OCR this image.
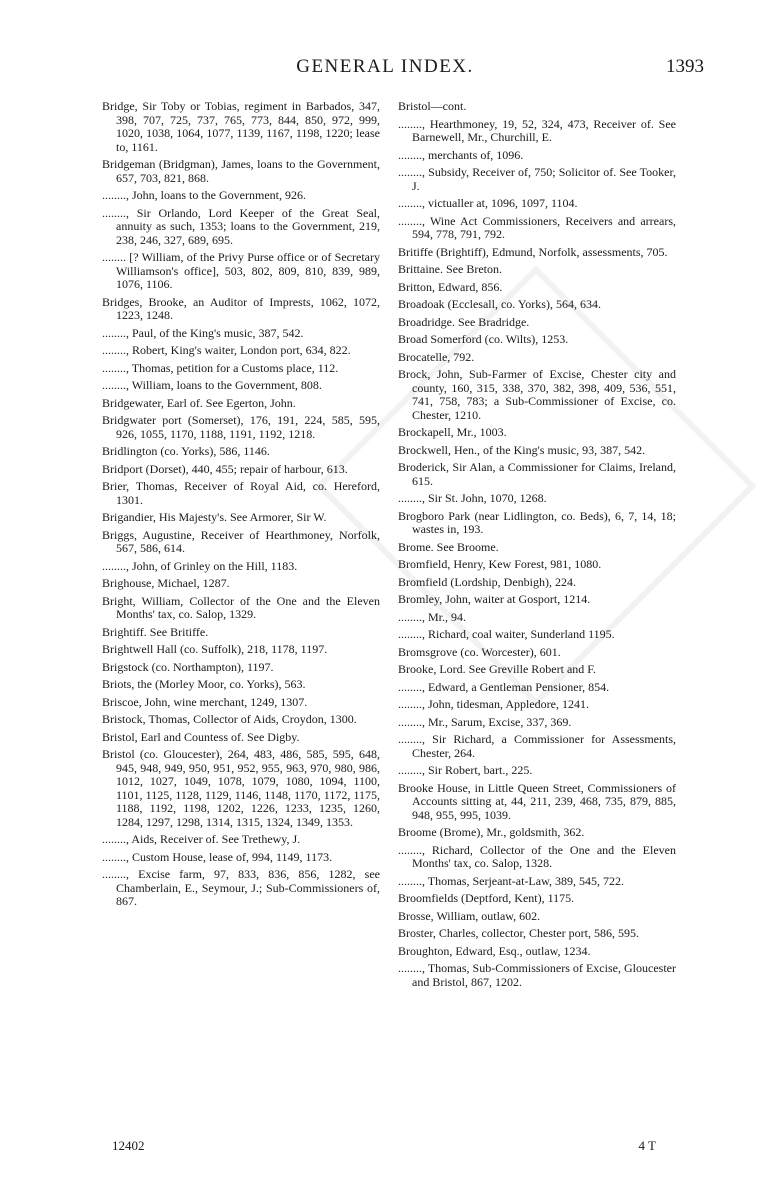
GENERAL INDEX.	1393
Bridge, Sir Toby or Tobias, regiment in Barbados, 347, 398, 707, 725, 737, 765, 773, 844, 850, 972, 999, 1020, 1038, 1064, 1077, 1139, 1167, 1198, 1220; lease to, 1161.
Bridgeman (Bridgman), James, loans to the Government, 657, 703, 821, 868.
........, John, loans to the Government, 926.
........, Sir Orlando, Lord Keeper of the Great Seal, annuity as such, 1353; loans to the Government, 219, 238, 246, 327, 689, 695.
........ [? William, of the Privy Purse office or of Secretary Williamson's office], 503, 802, 809, 810, 839, 989, 1076, 1106.
Bridges, Brooke, an Auditor of Imprests, 1062, 1072, 1223, 1248.
........, Paul, of the King's music, 387, 542.
........, Robert, King's waiter, London port, 634, 822.
........, Thomas, petition for a Customs place, 112.
........, William, loans to the Government, 808.
Bridgewater, Earl of. See Egerton, John.
Bridgwater port (Somerset), 176, 191, 224, 585, 595, 926, 1055, 1170, 1188, 1191, 1192, 1218.
Bridlington (co. Yorks), 586, 1146.
Bridport (Dorset), 440, 455; repair of harbour, 613.
Brier, Thomas, Receiver of Royal Aid, co. Hereford, 1301.
Brigandier, His Majesty's. See Armorer, Sir W.
Briggs, Augustine, Receiver of Hearthmoney, Norfolk, 567, 586, 614.
........, John, of Grinley on the Hill, 1183.
Brighouse, Michael, 1287.
Bright, William, Collector of the One and the Eleven Months' tax, co. Salop, 1329.
Brightiff. See Britiffe.
Brightwell Hall (co. Suffolk), 218, 1178, 1197.
Brigstock (co. Northampton), 1197.
Briots, the (Morley Moor, co. Yorks), 563.
Briscoe, John, wine merchant, 1249, 1307.
Bristock, Thomas, Collector of Aids, Croydon, 1300.
Bristol, Earl and Countess of. See Digby.
Bristol (co. Gloucester), 264, 483, 486, 585, 595, 648, 945, 948, 949, 950, 951, 952, 955, 963, 970, 980, 986, 1012, 1027, 1049, 1078, 1079, 1080, 1094, 1100, 1101, 1125, 1128, 1129, 1146, 1148, 1170, 1172, 1175, 1188, 1192, 1198, 1202, 1226, 1233, 1235, 1260, 1284, 1297, 1298, 1314, 1315, 1324, 1349, 1353.
........, Aids, Receiver of. See Trethewy, J.
........, Custom House, lease of, 994, 1149, 1173.
........, Excise farm, 97, 833, 836, 856, 1282, see Chamberlain, E., Seymour, J.; Sub-Commissioners of, 867.
Bristol—cont.
........, Hearthmoney, 19, 52, 324, 473, Receiver of. See Barnewell, Mr., Churchill, E.
........, merchants of, 1096.
........, Subsidy, Receiver of, 750; Solicitor of. See Tooker, J.
........, victualler at, 1096, 1097, 1104.
........, Wine Act Commissioners, Receivers and arrears, 594, 778, 791, 792.
Britiffe (Brightiff), Edmund, Norfolk, assessments, 705.
Brittaine. See Breton.
Britton, Edward, 856.
Broadoak (Ecclesall, co. Yorks), 564, 634.
Broadridge. See Bradridge.
Broad Somerford (co. Wilts), 1253.
Brocatelle, 792.
Brock, John, Sub-Farmer of Excise, Chester city and county, 160, 315, 338, 370, 382, 398, 409, 536, 551, 741, 758, 783; a Sub-Commissioner of Excise, co. Chester, 1210.
Brockapell, Mr., 1003.
Brockwell, Hen., of the King's music, 93, 387, 542.
Broderick, Sir Alan, a Commissioner for Claims, Ireland, 615.
........, Sir St. John, 1070, 1268.
Brogboro Park (near Lidlington, co. Beds), 6, 7, 14, 18; wastes in, 193.
Brome. See Broome.
Bromfield, Henry, Kew Forest, 981, 1080.
Bromfield (Lordship, Denbigh), 224.
Bromley, John, waiter at Gosport, 1214.
........, Mr., 94.
........, Richard, coal waiter, Sunderland 1195.
Bromsgrove (co. Worcester), 601.
Brooke, Lord. See Greville Robert and F.
........, Edward, a Gentleman Pensioner, 854.
........, John, tidesman, Appledore, 1241.
........, Mr., Sarum, Excise, 337, 369.
........, Sir Richard, a Commissioner for Assessments, Chester, 264.
........, Sir Robert, bart., 225.
Brooke House, in Little Queen Street, Commissioners of Accounts sitting at, 44, 211, 239, 468, 735, 879, 885, 948, 955, 995, 1039.
Broome (Brome), Mr., goldsmith, 362.
........, Richard, Collector of the One and the Eleven Months' tax, co. Salop, 1328.
........, Thomas, Serjeant-at-Law, 389, 545, 722.
Broomfields (Deptford, Kent), 1175.
Brosse, William, outlaw, 602.
Broster, Charles, collector, Chester port, 586, 595.
Broughton, Edward, Esq., outlaw, 1234.
........, Thomas, Sub-Commissioners of Excise, Gloucester and Bristol, 867, 1202.
12402	4 T
